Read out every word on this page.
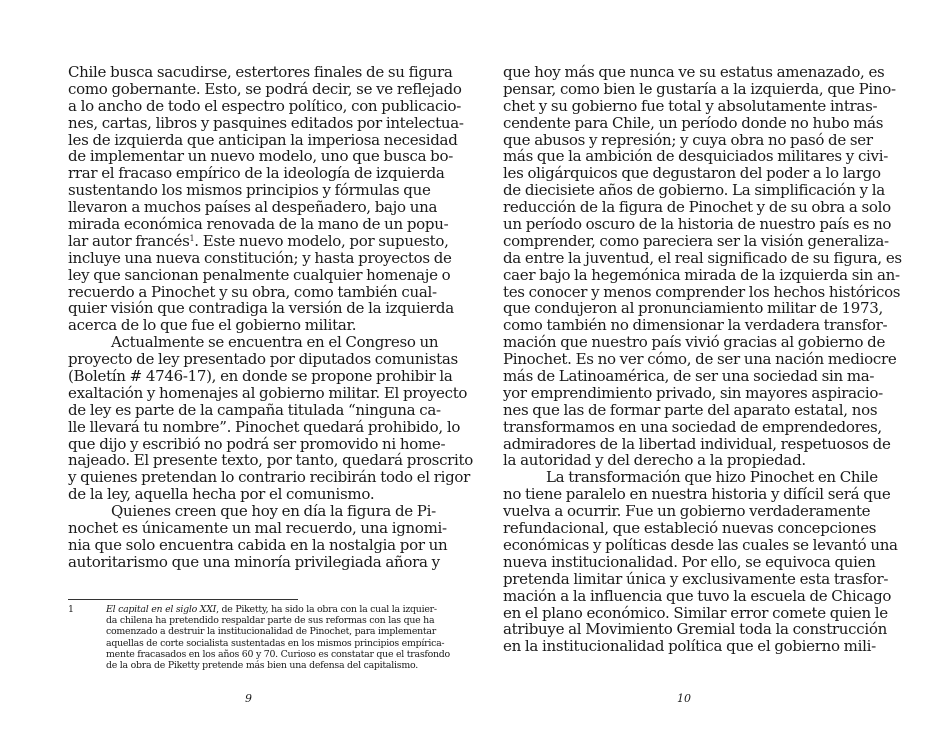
Chile busca sacudirse, estertores finales de su figura
como gobernante. Esto, se podrá decir, se ve reflejado
a lo ancho de todo el espectro político, con publicacio-
nes, cartas, libros y pasquines editados por intelectua-
les de izquierda que anticipan la imperiosa necesidad
de implementar un nuevo modelo, uno que busca bo-
rrar el fracaso empírico de la ideología de izquierda
sustentando los mismos principios y fórmulas que
llevaron a muchos países al despeñadero, bajo una
mirada económica renovada de la mano de un popu-
lar autor francés$^1$. Este nuevo modelo, por supuesto,
incluye una nueva constitución; y hasta proyectos de
ley que sancionan penalmente cualquier homenaje o
recuerdo a Pinochet y su obra, como también cual-
quier visión que contradiga la versión de la izquierda
acerca de lo que fue el gobierno militar.
Actualmente se encuentra en el Congreso un
proyecto de ley presentado por diputados comunistas
(Boletín # 4746-17), en donde se propone prohibir la
exaltación y homenajes al gobierno militar. El proyecto
de ley es parte de la campaña titulada “ninguna ca-
lle llevará tu nombre”. Pinochet quedará prohibido, lo
que dijo y escribió no podrá ser promovido ni home-
najeado. El presente texto, por tanto, quedará proscrito
y quienes pretendan lo contrario recibirán todo el rigor
de la ley, aquella hecha por el comunismo.
Quienes creen que hoy en día la figura de Pi-
nochet es únicamente un mal recuerdo, una ignomi-
nia que solo encuentra cabida en la nostalgia por un
autoritarismo que una minoría privilegiada añora y
1	El capital en el siglo XXI, de Piketty, ha sido la obra con la cual la izquier-
da chilena ha pretendido respaldar parte de sus reformas con las que ha
comenzado a destruir la institucionalidad de Pinochet, para implementar
aquellas de corte socialista sustentadas en los mismos principios empírica-
mente fracasados en los años 60 y 70. Curioso es constatar que el trasfondo
de la obra de Piketty pretende más bien una defensa del capitalismo.
9
que hoy más que nunca ve su estatus amenazado, es
pensar, como bien le gustaría a la izquierda, que Pino-
chet y su gobierno fue total y absolutamente intras-
cendente para Chile, un período donde no hubo más
que abusos y represión; y cuya obra no pasó de ser
más que la ambición de desquiciados militares y civi-
les oligárquicos que degustaron del poder a lo largo
de diecisiete años de gobierno. La simplificación y la
reducción de la figura de Pinochet y de su obra a solo
un período oscuro de la historia de nuestro país es no
comprender, como pareciera ser la visión generaliza-
da entre la juventud, el real significado de su figura, es
caer bajo la hegemónica mirada de la izquierda sin an-
tes conocer y menos comprender los hechos históricos
que condujeron al pronunciamiento militar de 1973,
como también no dimensionar la verdadera transfor-
mación que nuestro país vivió gracias al gobierno de
Pinochet. Es no ver cómo, de ser una nación mediocre
más de Latinoamérica, de ser una sociedad sin ma-
yor emprendimiento privado, sin mayores aspiracio-
nes que las de formar parte del aparato estatal, nos
transformamos en una sociedad de emprendedores,
admiradores de la libertad individual, respetuosos de
la autoridad y del derecho a la propiedad.
La transformación que hizo Pinochet en Chile
no tiene paralelo en nuestra historia y difícil será que
vuelva a ocurrir. Fue un gobierno verdaderamente
refundacional, que estableció nuevas concepciones
económicas y políticas desde las cuales se levantó una
nueva institucionalidad. Por ello, se equivoca quien
pretenda limitar única y exclusivamente esta trasfor-
mación a la influencia que tuvo la escuela de Chicago
en el plano económico. Similar error comete quien le
atribuye al Movimiento Gremial toda la construcción
en la institucionalidad política que el gobierno mili-
10
